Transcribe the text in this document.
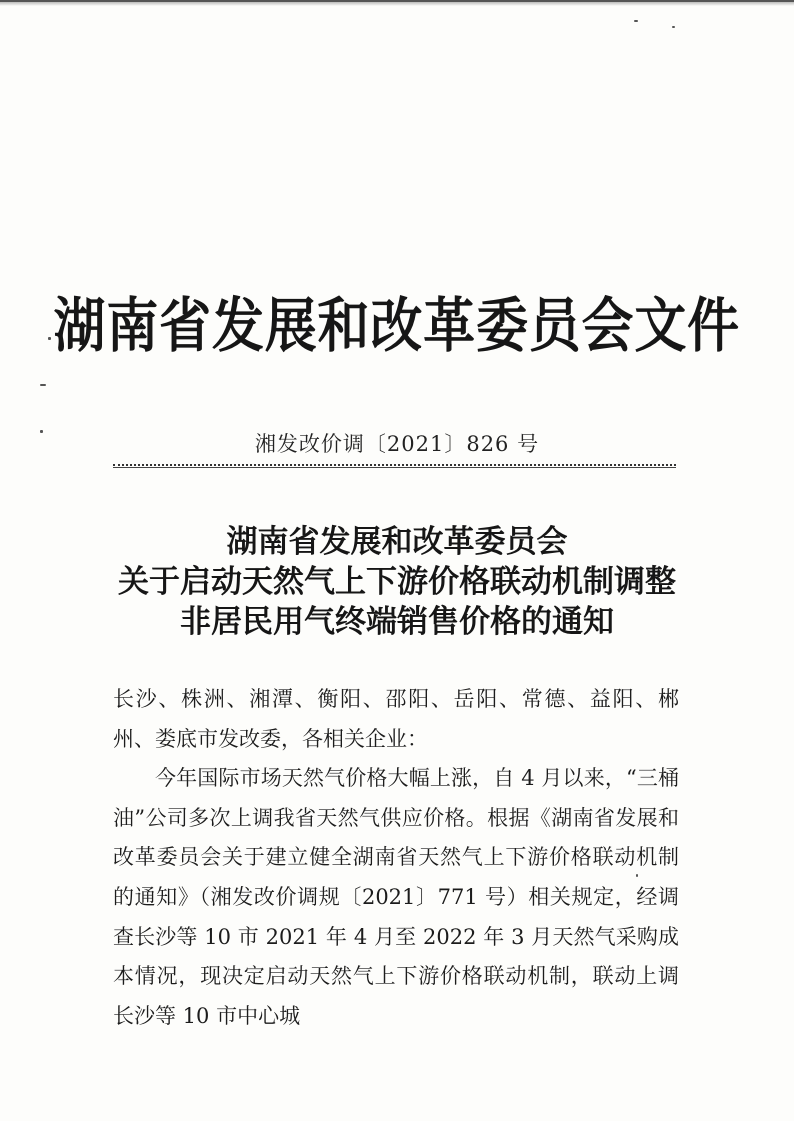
湖南省发展和改革委员会文件
湘发改价调〔2021〕826 号
湖南省发展和改革委员会
关于启动天然气上下游价格联动机制调整
非居民用气终端销售价格的通知

长沙、株洲、湘潭、衡阳、邵阳、岳阳、常德、益阳、郴州、娄底市发改委，各相关企业：

今年国际市场天然气价格大幅上涨，自 4 月以来，“三桶油”公司多次上调我省天然气供应价格。根据《湖南省发展和改革委员会关于建立健全湖南省天然气上下游价格联动机制的通知》（湘发改价调规〔2021〕771 号）相关规定，经调查长沙等 10 市 2021 年 4 月至 2022 年 3 月天然气采购成本情况，现决定启动天然气上下游价格联动机制，联动上调长沙等 10 市中心城
